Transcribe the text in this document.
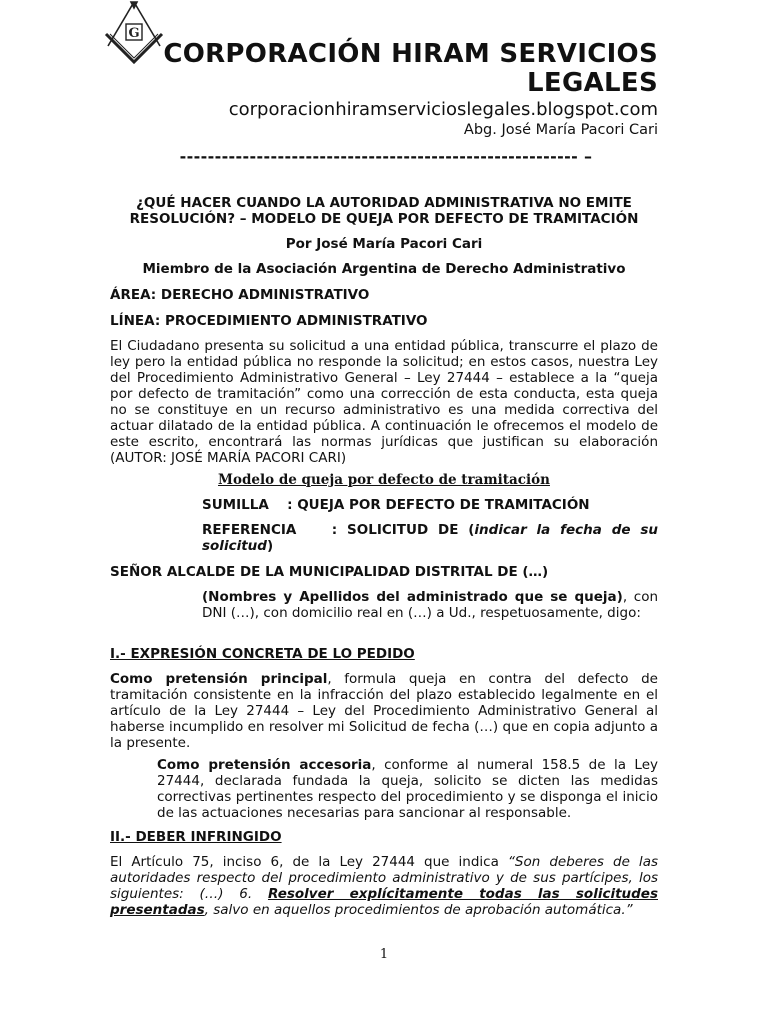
G
CORPORACIÓN HIRAM SERVICIOS LEGALES
corporacionhiramservicioslegales.blogspot.com
Abg. José María Pacori Cari
--------------------------------------------------------- –
¿QUÉ HACER CUANDO LA AUTORIDAD ADMINISTRATIVA NO EMITE RESOLUCIÓN? – MODELO DE QUEJA POR DEFECTO DE TRAMITACIÓN
Por José María Pacori Cari
Miembro de la Asociación Argentina de Derecho Administrativo
ÁREA: DERECHO ADMINISTRATIVO
LÍNEA: PROCEDIMIENTO ADMINISTRATIVO
El Ciudadano presenta su solicitud a una entidad pública, transcurre el plazo de ley pero la entidad pública no responde la solicitud; en estos casos, nuestra Ley del Procedimiento Administrativo General – Ley 27444 – establece a la “queja por defecto de tramitación” como una corrección de esta conducta, esta queja no se constituye en un recurso administrativo es una medida correctiva del actuar dilatado de la entidad pública. A continuación le ofrecemos el modelo de este escrito, encontrará las normas jurídicas que justifican su elaboración (AUTOR: JOSÉ MARÍA PACORI CARI)
Modelo de queja por defecto de tramitación
SUMILLA : QUEJA POR DEFECTO DE TRAMITACIÓN
REFERENCIA	: SOLICITUD DE (indicar la fecha de su solicitud)
SEÑOR ALCALDE DE LA MUNICIPALIDAD DISTRITAL DE (…)
(Nombres y Apellidos del administrado que se queja), con DNI (…), con domicilio real en (…) a Ud., respetuosamente, digo:
I.- EXPRESIÓN CONCRETA DE LO PEDIDO
Como pretensión principal, formula queja en contra del defecto de tramitación consistente en la infracción del plazo establecido legalmente en el artículo de la Ley 27444 – Ley del Procedimiento Administrativo General al haberse incumplido en resolver mi Solicitud de fecha (…) que en copia adjunto a la presente.
Como pretensión accesoria, conforme al numeral 158.5 de la Ley 27444, declarada fundada la queja, solicito se dicten las medidas correctivas pertinentes respecto del procedimiento y se disponga el inicio de las actuaciones necesarias para sancionar al responsable.
II.- DEBER INFRINGIDO
El Artículo 75, inciso 6, de la Ley 27444 que indica “Son deberes de las autoridades respecto del procedimiento administrativo y de sus partícipes, los siguientes: (…) 6. Resolver explícitamente todas las solicitudes presentadas, salvo en aquellos procedimientos de aprobación automática.”
1
